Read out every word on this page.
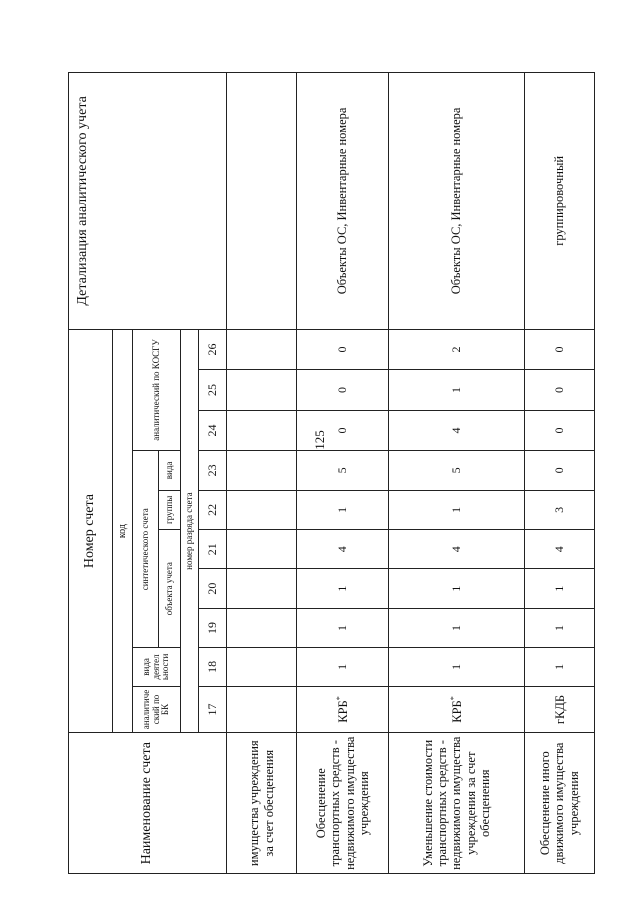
125
Наименование счета	Номер счета										Детализация аналитического учета
	код										
	аналитиче ский по БК	вида деятел ьности	синтетического счета					аналитический по КОСГУ			
			объекта учета			группы	вида				
	номер разряда счета										
	17	18	19	20	21	22	23	24	25	26	
имущества учреждения за счет обесценения											
Обесценение транспортных средств - недвижимого имущества учреждения	КРБ*	1	1	1	4	1	5	0	0	0	Объекты ОС, Инвентарные номера
Уменьшение стоимости транспортных средств - недвижимого имущества учреждения за счет обесценения	КРБ*	1	1	1	4	1	5	4	1	2	Объекты ОС, Инвентарные номера
Обесценение иного движимого имущества учреждения	гКДБ	1	1	1	4	3	0	0	0	0	группировочный
